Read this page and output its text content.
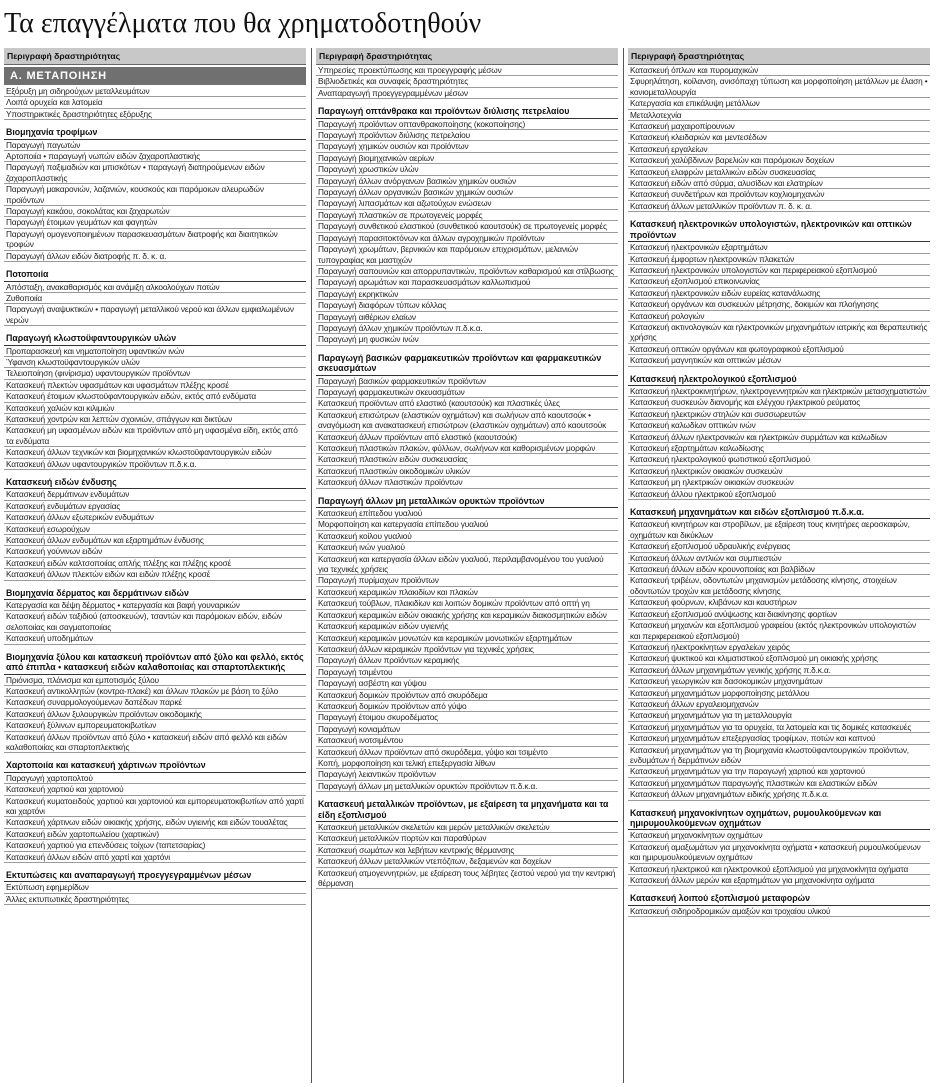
Τα επαγγέλματα που θα χρηματοδοτηθούν
Περιγραφή δραστηριότητας
Α. ΜΕΤΑΠΟΙΗΣΗ
Εξόρυξη μη σιδηρούχων μεταλλευμάτων
Λοιπά ορυχεία και λατομεία
Υποστηρικτικές δραστηριότητες εξόρυξης
Βιομηχανία τροφίμων
Παραγωγή παγωτών
Αρτοποιία • παραγωγή νωπών ειδών ζαχαροπλαστικής
Παραγωγή παξιμαδιών και μπισκότων • παραγωγή διατηρούμενων ειδών ζαχαροπλαστικής
Παραγωγή μακαρονιών, λαζανιών, κουσκούς και παρόμοιων αλευρωδών προϊόντων
Παραγωγή κακάου, σοκολάτας και ζαχαρωτών
Παραγωγή έτοιμων γευμάτων και φαγητών
Παραγωγή ομογενοποιημένων παρασκευασμάτων διατροφής και διαιτητικών τροφών
Παραγωγή άλλων ειδών διατροφής π. δ. κ. α.
Ποτοποιία
Απόσταξη, ανακαθαρισμός και ανάμιξη αλκοολούχων ποτών
Ζυθοποιία
Παραγωγή αναψυκτικών • παραγωγή μεταλλικού νερού και άλλων εμφιαλωμένων νερών
Παραγωγή κλωστοϋφαντουργικών υλών
Προπαρασκευή και νηματοποίηση υφαντικών ινών
Ύφανση κλωστοϋφαντουργικών υλών
Τελειοποίηση (φινίρισμα) υφαντουργικών προϊόντων
Κατασκευή πλεκτών υφασμάτων και υφασμάτων πλέξης κροσέ
Κατασκευή έτοιμων κλωστοϋφαντουργικών ειδών, εκτός από ενδύματα
Κατασκευή χαλιών και κιλιμιών
Κατασκευή χοντρών και λεπτών σχοινιών, σπάγγων και δικτύων
Κατασκευή μη υφασμένων ειδών και προϊόντων από μη υφασμένα είδη, εκτός από τα ενδύματα
Κατασκευή άλλων τεχνικών και βιομηχανικών κλωστοϋφαντουργικών ειδών
Κατασκευή άλλων υφαντουργικών προϊόντων π.δ.κ.α.
Κατασκευή ειδών ένδυσης
Κατασκευή δερμάτινων ενδυμάτων
Κατασκευή ενδυμάτων εργασίας
Κατασκευή άλλων εξωτερικών ενδυμάτων
Κατασκευή εσωρούχων
Κατασκευή άλλων ενδυμάτων και εξαρτημάτων ένδυσης
Κατασκευή γούνινων ειδών
Κατασκευή ειδών καλτσοποιίας απλής πλέξης και πλέξης κροσέ
Κατασκευή άλλων πλεκτών ειδών και ειδών πλέξης κροσέ
Βιομηχανία δέρματος και δερμάτινων ειδών
Κατεργασία και δέψη δέρματος • κατεργασία και βαφή γουναρικών
Κατασκευή ειδών ταξιδιού (αποσκευών), τσαντών και παρόμοιων ειδών, ειδών σελοποιίας και σαγματοποιίας
Κατασκευή υποδημάτων
Βιομηχανία ξύλου και κατασκευή προϊόντων από ξύλο και φελλό, εκτός από έπιπλα • κατασκευή ειδών καλαθοποιίας και σπαρτοπλεκτικής
Πριόνισμα, πλάνισμα και εμποτισμός ξύλου
Κατασκευή αντικολλητών (κοντρα-πλακέ) και άλλων πλακών με βάση το ξύλο
Κατασκευή συναρμολογούμενων δαπέδων παρκέ
Κατασκευή άλλων ξυλουργικών προϊόντων οικοδομικής
Κατασκευή ξύλινων εμπορευματοκιβωτίων
Κατασκευή άλλων προϊόντων από ξύλο • κατασκευή ειδών από φελλό και ειδών καλαθοποιίας και σπαρτοπλεκτικής
Χαρτοποιία και κατασκευή χάρτινων προϊόντων
Παραγωγή χαρτοπολτού
Κατασκευή χαρτιού και χαρτονιού
Κατασκευή κυματοειδούς χαρτιού και χαρτονιού και εμπορευματοκιβωτίων από χαρτί και χαρτόνι
Κατασκευή χάρτινων ειδών οικιακής χρήσης, ειδών υγιεινής και ειδών τουαλέτας
Κατασκευή ειδών χαρτοπωλείου (χαρτικών)
Κατασκευή χαρτιού για επενδύσεις τοίχων (ταπετσαρίας)
Κατασκευή άλλων ειδών από χαρτί και χαρτόνι
Εκτυπώσεις και αναπαραγωγή προεγγεγραμμένων μέσων
Εκτύπωση εφημερίδων
Άλλες εκτυπωτικές δραστηριότητες
Περιγραφή δραστηριότητας
Υπηρεσίες προεκτύπωσης και προεγγραφής μέσων
Βιβλιοδετικές και συναφείς δραστηριότητες
Αναπαραγωγή προεγγεγραμμένων μέσων
Παραγωγή οπτάνθρακα και προϊόντων διύλισης πετρελαίου
Παραγωγή προϊόντων οπτανθρακοποίησης (κοκοποίησης)
Παραγωγή προϊόντων διύλισης πετρελαίου
Παραγωγή χημικών ουσιών και προϊόντων
Παραγωγή βιομηχανικών αερίων
Παραγωγή χρωστικών υλών
Παραγωγή άλλων ανόργανων βασικών χημικών ουσιών
Παραγωγή άλλων οργανικών βασικών χημικών ουσιών
Παραγωγή λιπασμάτων και αζωτούχων ενώσεων
Παραγωγή πλαστικών σε πρωτογενείς μορφές
Παραγωγή συνθετικού ελαστικού (συνθετικού καουτσούκ) σε πρωτογενείς μορφές
Παραγωγή παρασιτοκτόνων και άλλων αγροχημικών προϊόντων
Παραγωγή χρωμάτων, βερνικιών και παρόμοιων επιχρισμάτων, μελανιών τυπογραφίας και μαστιχών
Παραγωγή σαπουνιών και απορρυπαντικών, προϊόντων καθαρισμού και στίλβωσης
Παραγωγή αρωμάτων και παρασκευασμάτων καλλωπισμού
Παραγωγή εκρηκτικών
Παραγωγή διαφόρων τύπων κόλλας
Παραγωγή αιθέριων ελαίων
Παραγωγή άλλων χημικών προϊόντων π.δ.κ.α.
Παραγωγή μη φυσικών ινών
Παραγωγή βασικών φαρμακευτικών προϊόντων και φαρμακευτικών σκευασμάτων
Παραγωγή βασικών φαρμακευτικών προϊόντων
Παραγωγή φαρμακευτικών σκευασμάτων
Κατασκευή προϊόντων από ελαστικό (καουτσούκ) και πλαστικές ύλες
Κατασκευή επισώτρων (ελαστικών οχημάτων) και σωλήνων από καουτσούκ • αναγόμωση και ανακατασκευή επισώτρων (ελαστικών οχημάτων) από καουτσούκ
Κατασκευή άλλων προϊόντων από ελαστικό (καουτσούκ)
Κατασκευή πλαστικών πλακών, φύλλων, σωλήνων και καθορισμένων μορφών
Κατασκευή πλαστικών ειδών συσκευασίας
Κατασκευή πλαστικών οικοδομικών υλικών
Κατασκευή άλλων πλαστικών προϊόντων
Παραγωγή άλλων μη μεταλλικών ορυκτών προϊόντων
Κατασκευή επίπεδου γυαλιού
Μορφοποίηση και κατεργασία επίπεδου γυαλιού
Κατασκευή κοίλου γυαλιού
Κατασκευή ινών γυαλιού
Κατασκευή και κατεργασία άλλων ειδών γυαλιού, περιλαμβανομένου του γυαλιού για τεχνικές χρήσεις
Παραγωγή πυρίμαχων προϊόντων
Κατασκευή κεραμικών πλακιδίων και πλακών
Κατασκευή τούβλων, πλακιδίων και λοιπών δομικών προϊόντων από οπτή γη
Κατασκευή κεραμικών ειδών οικιακής χρήσης και κεραμικών διακοσμητικών ειδών
Κατασκευή κεραμικών ειδών υγιεινής
Κατασκευή κεραμικών μονωτών και κεραμικών μονωτικών εξαρτημάτων
Κατασκευή άλλων κεραμικών προϊόντων για τεχνικές χρήσεις
Παραγωγή άλλων προϊόντων κεραμικής
Παραγωγή τσιμέντου
Παραγωγή ασβέστη και γύψου
Κατασκευή δομικών προϊόντων από σκυρόδεμα
Κατασκευή δομικών προϊόντων από γύψο
Παραγωγή έτοιμου σκυροδέματος
Παραγωγή κονιαμάτων
Κατασκευή ινοτσιμέντου
Κατασκευή άλλων προϊόντων από σκυρόδεμα, γύψο και τσιμέντο
Κοπή, μορφοποίηση και τελική επεξεργασία λίθων
Παραγωγή λειαντικών προϊόντων
Παραγωγή άλλων μη μεταλλικών ορυκτών προϊόντων π.δ.κ.α.
Κατασκευή μεταλλικών προϊόντων, με εξαίρεση τα μηχανήματα και τα είδη εξοπλισμού
Κατασκευή μεταλλικών σκελετών και μερών μεταλλικών σκελετών
Κατασκευή μεταλλικών πορτών και παραθύρων
Κατασκευή σωμάτων και λεβήτων κεντρικής θέρμανσης
Κατασκευή άλλων μεταλλικών ντεπόζιτων, δεξαμενών και δοχείων
Κατασκευή ατμογεννητριών, με εξαίρεση τους λέβητες ζεστού νερού για την κεντρική θέρμανση
Περιγραφή δραστηριότητας
Κατασκευή όπλων και πυρομαχικών
Σφυρηλάτηση, κοίλανση, ανισόπαχη τύπωση και μορφοποίηση μετάλλων με έλαση • κονιομεταλλουργία
Κατεργασία και επικάλυψη μετάλλων
Μεταλλοτεχνία
Κατασκευή μαχαιροπίρουνων
Κατασκευή κλειδαριών και μεντεσέδων
Κατασκευή εργαλείων
Κατασκευή χαλύβδινων βαρελιών και παρόμοιων δοχείων
Κατασκευή ελαφρών μεταλλικών ειδών συσκευασίας
Κατασκευή ειδών από σύρμα, αλυσίδων και ελατηρίων
Κατασκευή συνδετήρων και προϊόντων κοχλιομηχανών
Κατασκευή άλλων μεταλλικών προϊόντων π. δ. κ. α.
Κατασκευή ηλεκτρονικών υπολογιστών, ηλεκτρονικών και οπτικών προϊόντων
Κατασκευή ηλεκτρονικών εξαρτημάτων
Κατασκευή έμφορτων ηλεκτρονικών πλακετών
Κατασκευή ηλεκτρονικών υπολογιστών και περιφερειακού εξοπλισμού
Κατασκευή εξοπλισμού επικοινωνίας
Κατασκευή ηλεκτρονικών ειδών ευρείας κατανάλωσης
Κατασκευή οργάνων και συσκευών μέτρησης, δοκιμών και πλοήγησης
Κατασκευή ρολογιών
Κατασκευή ακτινολογικών και ηλεκτρονικών μηχανημάτων ιατρικής και θεραπευτικής χρήσης
Κατασκευή οπτικών οργάνων και φωτογραφικού εξοπλισμού
Κατασκευή μαγνητικών και οπτικών μέσων
Κατασκευή ηλεκτρολογικού εξοπλισμού
Κατασκευή ηλεκτροκινητήρων, ηλεκτρογεννητριών και ηλεκτρικών μετασχηματιστών
Κατασκευή συσκευών διανομής και ελέγχου ηλεκτρικού ρεύματος
Κατασκευή ηλεκτρικών στηλών και συσσωρευτών
Κατασκευή καλωδίων οπτικών ινών
Κατασκευή άλλων ηλεκτρονικών και ηλεκτρικών συρμάτων και καλωδίων
Κατασκευή εξαρτημάτων καλωδίωσης
Κατασκευή ηλεκτρολογικού φωτιστικού εξοπλισμού
Κατασκευή ηλεκτρικών οικιακών συσκευών
Κατασκευή μη ηλεκτρικών οικιακών συσκευών
Κατασκευή άλλου ηλεκτρικού εξοπλισμού
Κατασκευή μηχανημάτων και ειδών εξοπλισμού π.δ.κ.α.
Κατασκευή κινητήρων και στροβίλων, με εξαίρεση τους κινητήρες αεροσκαφών, οχημάτων και δικύκλων
Κατασκευή εξοπλισμού υδραυλικής ενέργειας
Κατασκευή άλλων αντλιών και συμπιεστών
Κατασκευή άλλων ειδών κρουνοποιίας και βαλβίδων
Κατασκευή τριβέων, οδοντωτών μηχανισμών μετάδοσης κίνησης, στοιχείων οδοντωτών τροχών και μετάδοσης κίνησης
Κατασκευή φούρνων, κλιβάνων και καυστήρων
Κατασκευή εξοπλισμού ανύψωσης και διακίνησης φορτίων
Κατασκευή μηχανών και εξοπλισμού γραφείου (εκτός ηλεκτρονικών υπολογιστών και περιφερειακού εξοπλισμού)
Κατασκευή ηλεκτροκίνητων εργαλείων χειρός
Κατασκευή ψυκτικού και κλιματιστικού εξοπλισμού μη οικιακής χρήσης
Κατασκευή άλλων μηχανημάτων γενικής χρήσης π.δ.κ.α.
Κατασκευή γεωργικών και δασοκομικών μηχανημάτων
Κατασκευή μηχανημάτων μορφοποίησης μετάλλου
Κατασκευή άλλων εργαλειομηχανών
Κατασκευή μηχανημάτων για τη μεταλλουργία
Κατασκευή μηχανημάτων για τα ορυχεία, τα λατομεία και τις δομικές κατασκευές
Κατασκευή μηχανημάτων επεξεργασίας τροφίμων, ποτών και καπνού
Κατασκευή μηχανημάτων για τη βιομηχανία κλωστοϋφαντουργικών προϊόντων, ενδυμάτων ή δερμάτινων ειδών
Κατασκευή μηχανημάτων για την παραγωγή χαρτιού και χαρτονιού
Κατασκευή μηχανημάτων παραγωγής πλαστικών και ελαστικών ειδών
Κατασκευή άλλων μηχανημάτων ειδικής χρήσης π.δ.κ.α.
Κατασκευή μηχανοκίνητων οχημάτων, ρυμουλκούμενων και ημιρυμουλκούμενων οχημάτων
Κατασκευή μηχανοκίνητων οχημάτων
Κατασκευή αμαξωμάτων για μηχανοκίνητα οχήματα • κατασκευή ρυμουλκούμενων και ημιρυμουλκούμενων οχημάτων
Κατασκευή ηλεκτρικού και ηλεκτρονικού εξοπλισμού για μηχανοκίνητα οχήματα
Κατασκευή άλλων μερών και εξαρτημάτων για μηχανοκίνητα οχήματα
Κατασκευή λοιπού εξοπλισμού μεταφορών
Κατασκευή σιδηροδρομικών αμαξών και τροχαίου υλικού
